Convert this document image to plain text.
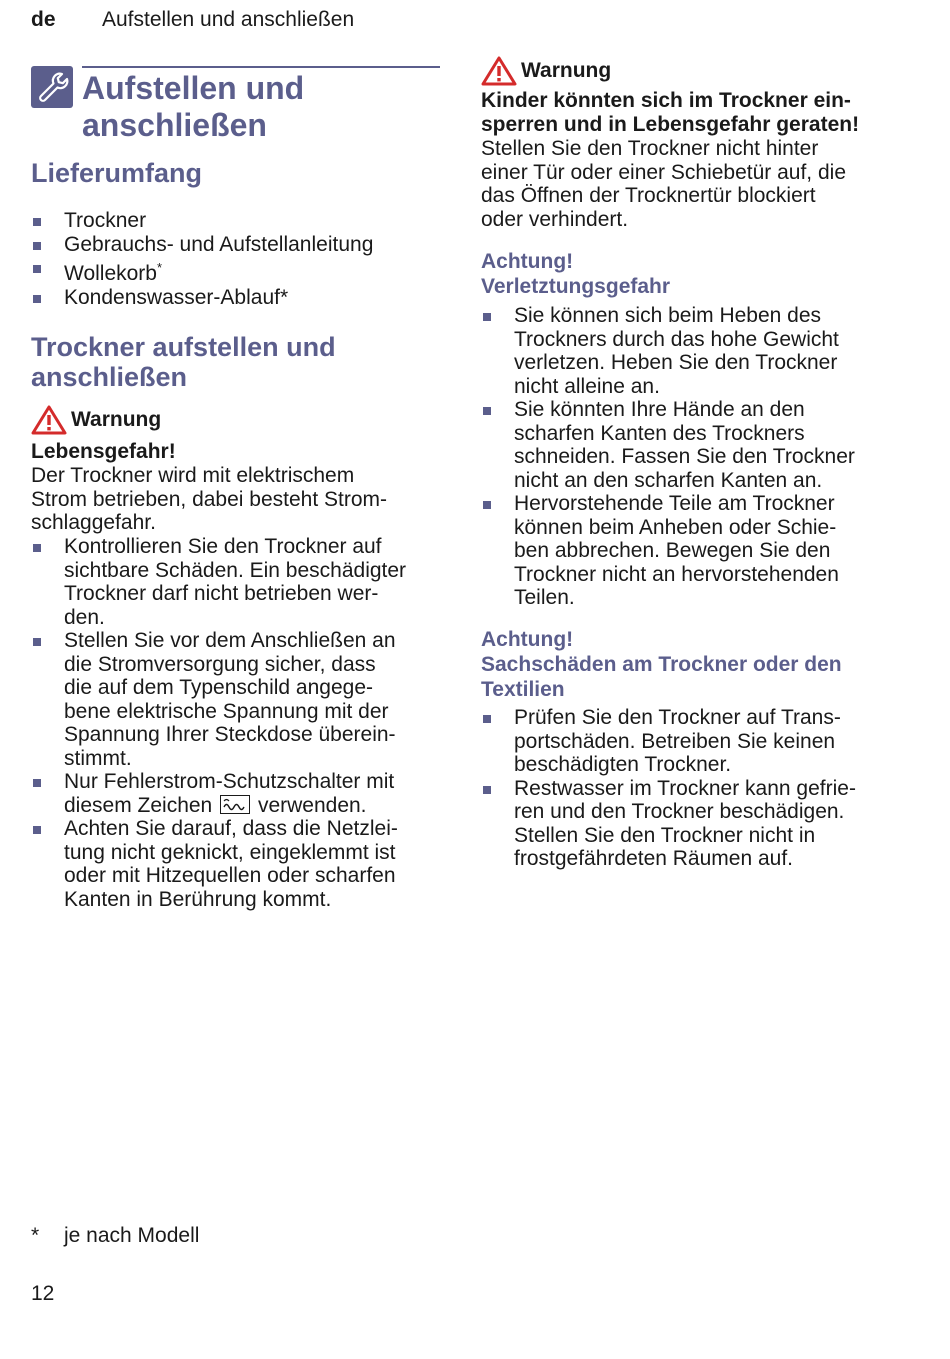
de Aufstellen und anschließen
Aufstellen und
anschließen
Lieferumfang
Trockner
Gebrauchs- und Aufstellanleitung
Wollekorb*
Kondenswasser-Ablauf*
Trockner aufstellen und
anschließen
Warnung
Lebensgefahr!
Der Trockner wird mit elektrischem
Strom betrieben, dabei besteht Strom-
schlaggefahr.
Kontrollieren Sie den Trockner auf
sichtbare Schäden. Ein beschädigter
Trockner darf nicht betrieben wer-
den.
Stellen Sie vor dem Anschließen an
die Stromversorgung sicher, dass
die auf dem Typenschild angege-
bene elektrische Spannung mit der
Spannung Ihrer Steckdose überein-
stimmt.
Nur Fehlerstrom-Schutzschalter mit
diesem Zeichen verwenden.
Achten Sie darauf, dass die Netzlei-
tung nicht geknickt, eingeklemmt ist
oder mit Hitzequellen oder scharfen
Kanten in Berührung kommt.
Warnung
Kinder könnten sich im Trockner ein-
sperren und in Lebensgefahr geraten!
Stellen Sie den Trockner nicht hinter
einer Tür oder einer Schiebetür auf, die
das Öffnen der Trocknertür blockiert
oder verhindert.
Achtung!
Verletztungsgefahr
Sie können sich beim Heben des
Trockners durch das hohe Gewicht
verletzen. Heben Sie den Trockner
nicht alleine an.
Sie könnten Ihre Hände an den
scharfen Kanten des Trockners
schneiden. Fassen Sie den Trockner
nicht an den scharfen Kanten an.
Hervorstehende Teile am Trockner
können beim Anheben oder Schie-
ben abbrechen. Bewegen Sie den
Trockner nicht an hervorstehenden
Teilen.
Achtung!
Sachschäden am Trockner oder den
Textilien
Prüfen Sie den Trockner auf Trans-
portschäden. Betreiben Sie keinen
beschädigten Trockner.
Restwasser im Trockner kann gefrie-
ren und den Trockner beschädigen.
Stellen Sie den Trockner nicht in
frostgefährdeten Räumen auf.
* je nach Modell
12
